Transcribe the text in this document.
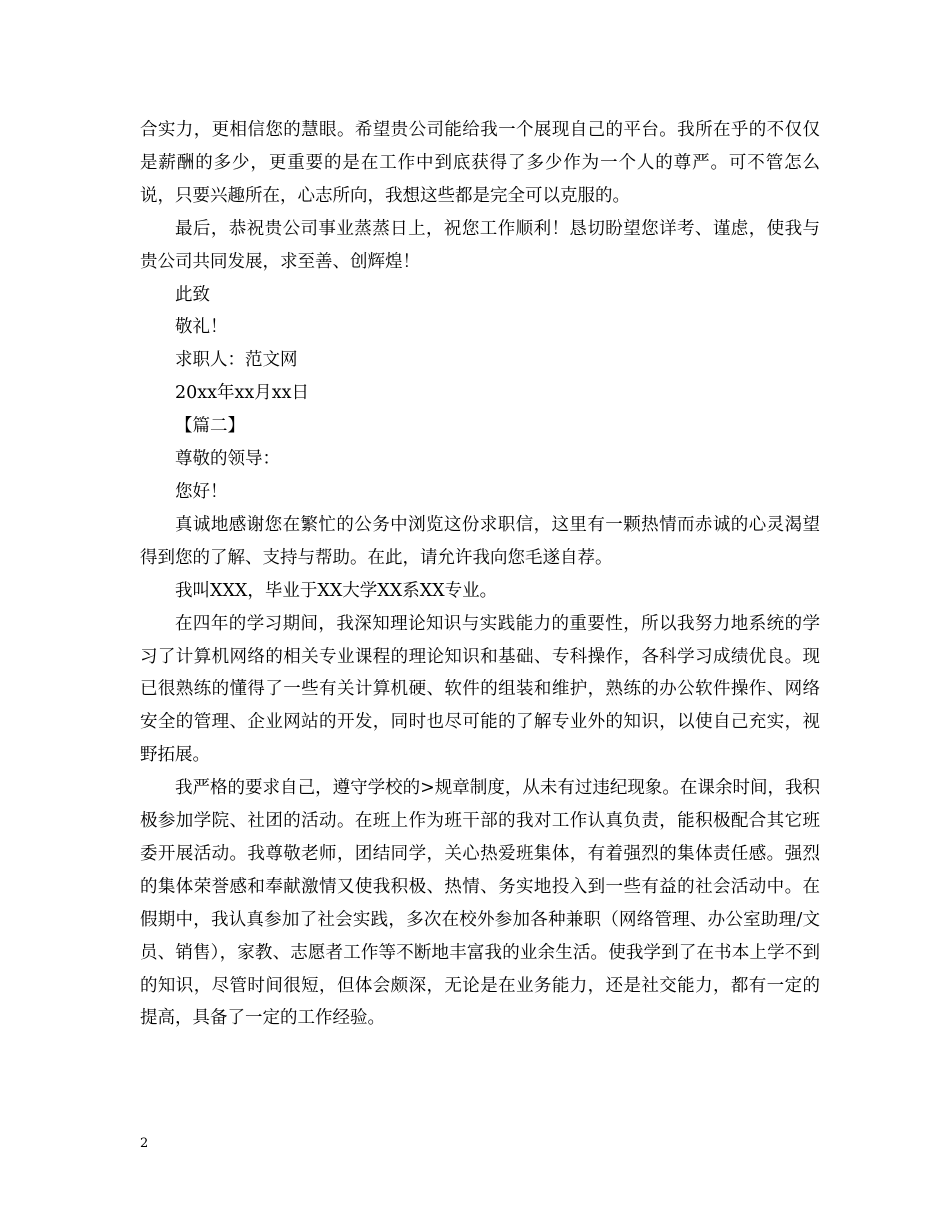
合实力，更相信您的慧眼。希望贵公司能给我一个展现自己的平台。我所在乎的不仅仅是薪酬的多少，更重要的是在工作中到底获得了多少作为一个人的尊严。可不管怎么说，只要兴趣所在，心志所向，我想这些都是完全可以克服的。

最后，恭祝贵公司事业蒸蒸日上，祝您工作顺利！恳切盼望您详考、谨虑，使我与贵公司共同发展，求至善、创辉煌！

此致

敬礼！

求职人：范文网

20xx年xx月xx日

【篇二】

尊敬的领导：

您好！

真诚地感谢您在繁忙的公务中浏览这份求职信，这里有一颗热情而赤诚的心灵渴望得到您的了解、支持与帮助。在此，请允许我向您毛遂自荐。

我叫XXX，毕业于XX大学XX系XX专业。

在四年的学习期间，我深知理论知识与实践能力的重要性，所以我努力地系统的学习了计算机网络的相关专业课程的理论知识和基础、专科操作，各科学习成绩优良。现已很熟练的懂得了一些有关计算机硬、软件的组装和维护，熟练的办公软件操作、网络安全的管理、企业网站的开发，同时也尽可能的了解专业外的知识，以使自己充实，视野拓展。

我严格的要求自己，遵守学校的>规章制度，从未有过违纪现象。在课余时间，我积极参加学院、社团的活动。在班上作为班干部的我对工作认真负责，能积极配合其它班委开展活动。我尊敬老师，团结同学，关心热爱班集体，有着强烈的集体责任感。强烈的集体荣誉感和奉献激情又使我积极、热情、务实地投入到一些有益的社会活动中。在假期中，我认真参加了社会实践，多次在校外参加各种兼职（网络管理、办公室助理/文员、销售），家教、志愿者工作等不断地丰富我的业余生活。使我学到了在书本上学不到的知识，尽管时间很短，但体会颇深，无论是在业务能力，还是社交能力，都有一定的提高，具备了一定的工作经验。

2
